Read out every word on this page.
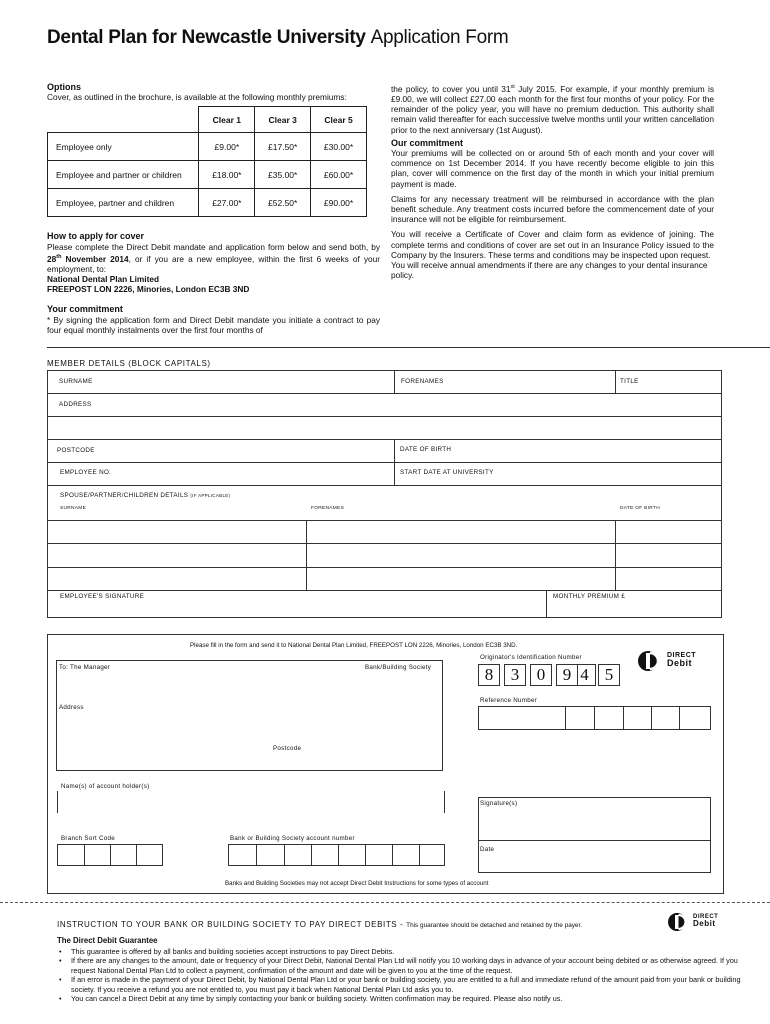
Dental Plan for Newcastle University Application Form
Options
Cover, as outlined in the brochure, is available at the following monthly premiums:
	Clear 1	Clear 3	Clear 5
Employee only	£9.00*	£17.50*	£30.00*
Employee and partner or children	£18.00*	£35.00*	£60.00*
Employee, partner and children	£27.00*	£52.50*	£90.00*
How to apply for cover
Please complete the Direct Debit mandate and application form below and send both, by 28th November 2014, or if you are a new employee, within the first 6 weeks of your employment, to:
National Dental Plan Limited
FREEPOST LON 2226, Minories, London EC3B 3ND
Your commitment
* By signing the application form and Direct Debit mandate you initiate a contract to pay four equal monthly instalments over the first four months of
the policy, to cover you until 31st July 2015. For example, if your monthly premium is £9.00, we will collect £27.00 each month for the first four months of your policy. For the remainder of the policy year, you will have no premium deduction. This authority shall remain valid thereafter for each successive twelve months until your written cancellation prior to the next anniversary (1st August).
Our commitment
Your premiums will be collected on or around 5th of each month and your cover will commence on 1st December 2014. If you have recently become eligible to join this plan, cover will commence on the first day of the month in which your initial premium payment is made.
Claims for any necessary treatment will be reimbursed in accordance with the plan benefit schedule. Any treatment costs incurred before the commencement date of your insurance will not be eligible for reimbursement.
You will receive a Certificate of Cover and claim form as evidence of joining. The complete terms and conditions of cover are set out in an Insurance Policy issued to the Company by the Insurers. These terms and conditions may be inspected upon request.
You will receive annual amendments if there are any changes to your dental insurance policy.
MEMBER DETAILS (BLOCK CAPITALS)
SURNAME	FORENAMES	TITLE
ADDRESS
POSTCODE	DATE OF BIRTH
EMPLOYEE NO.	START DATE AT UNIVERSITY
SPOUSE/PARTNER/CHILDREN DETAILS (IF APPLICABLE)
SURNAME	FORENAMES	DATE OF BIRTH
EMPLOYEE'S SIGNATURE	MONTHLY PREMIUM £
Please fill in the form and send it to National Dental Plan Limited, FREEPOST LON 2226, Minories, London EC3B 3ND.
To: The Manager	Bank/Building Society
Address
Postcode
Originator's Identification Number
8	3	0	9 4 5
DIRECT
Debit
Reference Number
Name(s) of account holder(s)
Signature(s)
Date
Branch Sort Code	Bank or Building Society account number
Banks and Building Societies may not accept Direct Debit Instructions for some types of account
INSTRUCTION TO YOUR BANK OR BUILDING SOCIETY TO PAY DIRECT DEBITS - This guarantee should be detached and retained by the payer.
DIRECT
Debit
The Direct Debit Guarantee
• This guarantee is offered by all banks and building societies accept instructions to pay Direct Debits.
• If there are any changes to the amount, date or frequency of your Direct Debit, National Dental Plan Ltd will notify you 10 working days in advance of your account being debited or as otherwise agreed. If you request National Dental Plan Ltd to collect a payment, confirmation of the amount and date will be given to you at the time of the request.
• If an error is made in the payment of your Direct Debit, by National Dental Plan Ltd or your bank or building society, you are entitled to a full and immediate refund of the amount paid from your bank or building society. If you receive a refund you are not entitled to, you must pay it back when National Dental Plan Ltd asks you to.
• You can cancel a Direct Debit at any time by simply contacting your bank or building society. Written confirmation may be required. Please also notify us.
